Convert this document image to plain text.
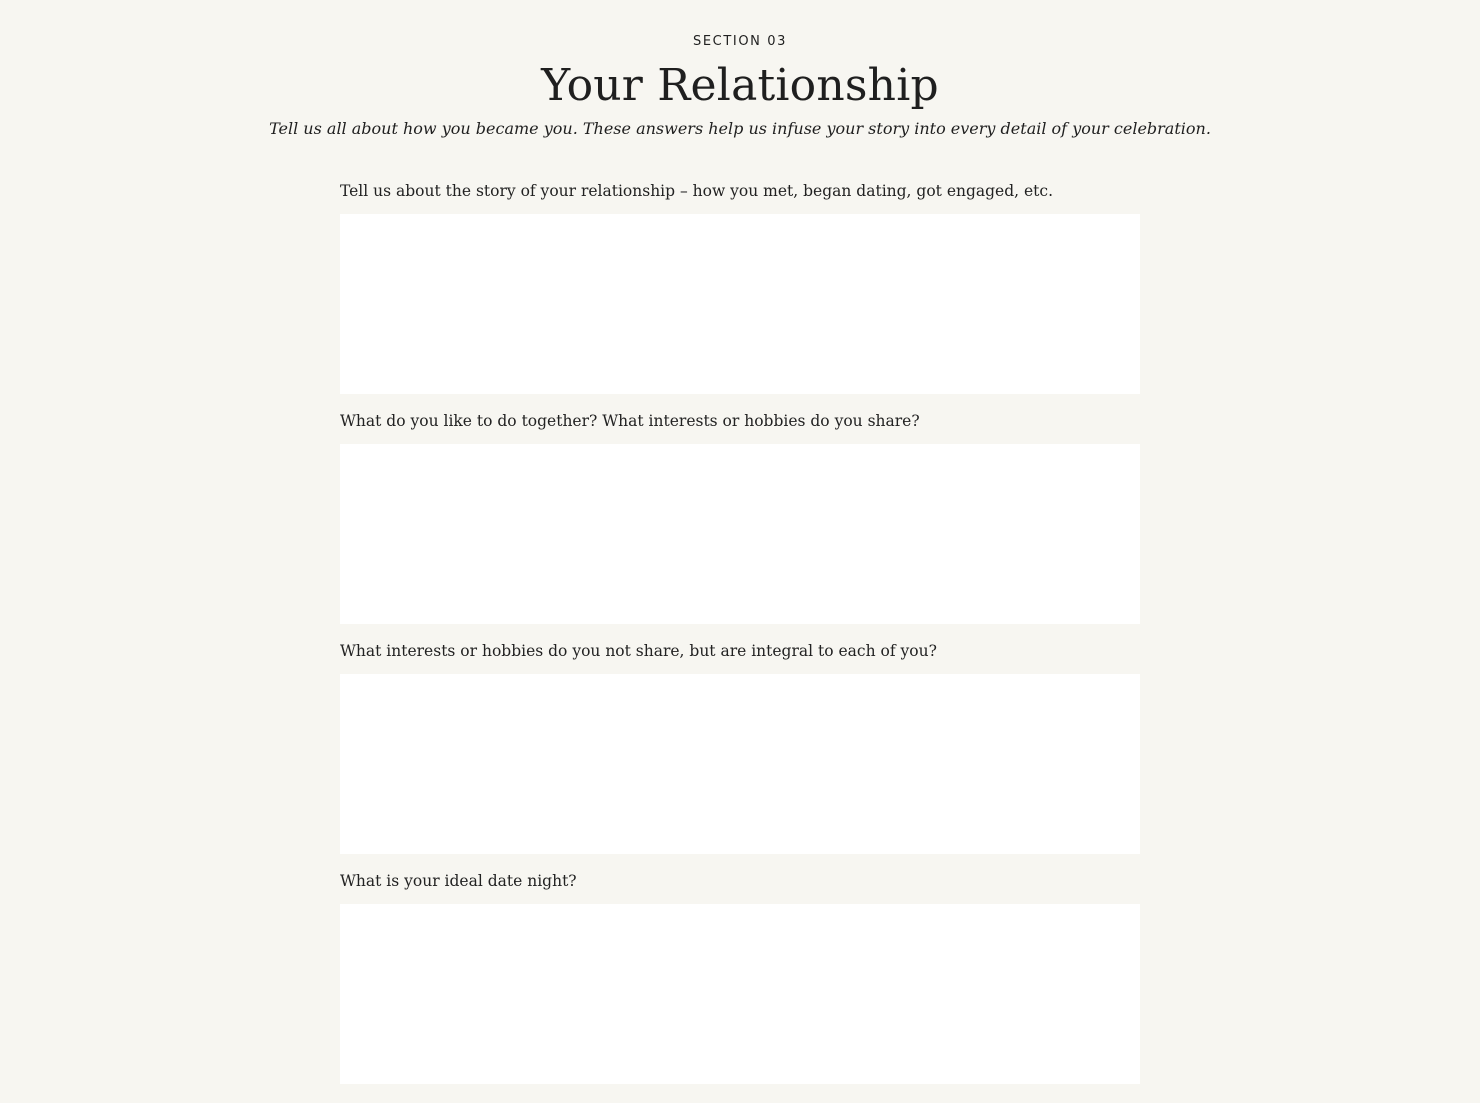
SECTION 03
Your Relationship
Tell us all about how you became you. These answers help us infuse your story into every detail of your celebration.
Tell us about the story of your relationship – how you met, began dating, got engaged, etc.
What do you like to do together? What interests or hobbies do you share?
What interests or hobbies do you not share, but are integral to each of you?
What is your ideal date night?
